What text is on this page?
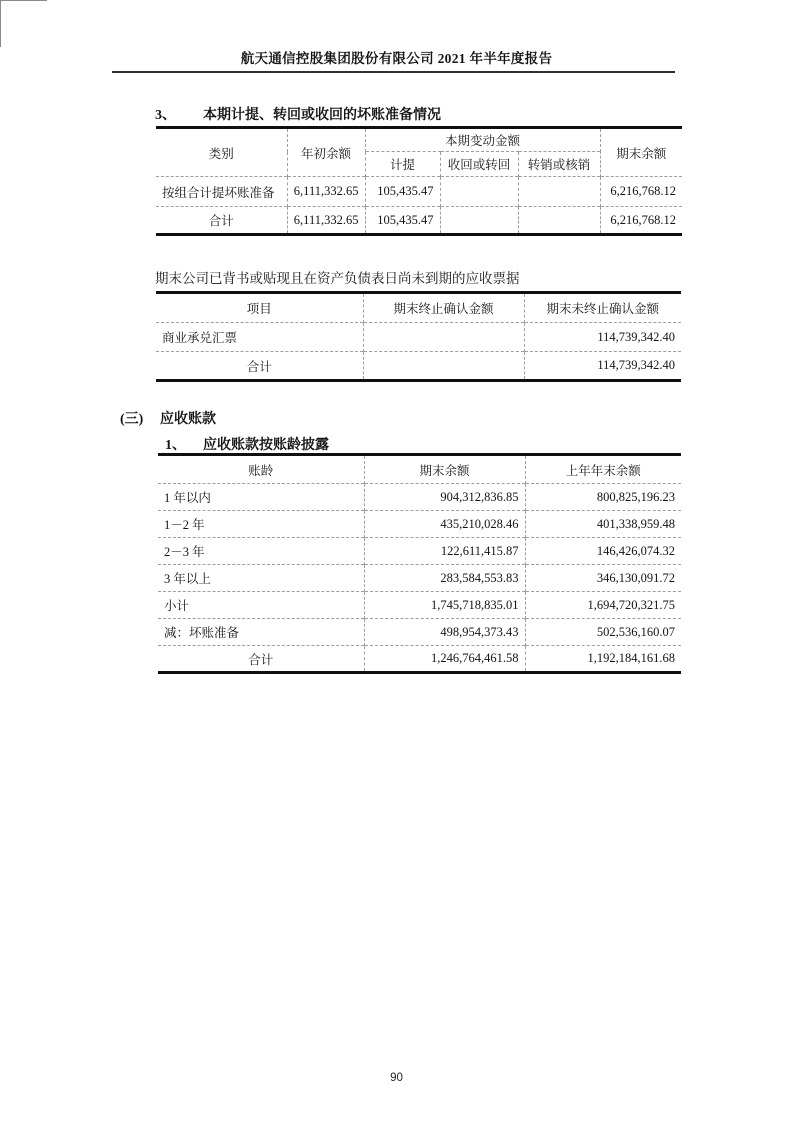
航天通信控股集团股份有限公司 2021 年半年度报告
3、 本期计提、转回或收回的坏账准备情况
类别	年初余额	本期变动金额			期末余额
		计提	收回或转回	转销或核销	
按组合计提坏账准备	6,111,332.65	105,435.47			6,216,768.12
合计	6,111,332.65	105,435.47			6,216,768.12
期末公司已背书或贴现且在资产负债表日尚未到期的应收票据
项目	期末终止确认金额	期末未终止确认金额
商业承兑汇票		114,739,342.40
合计		114,739,342.40
(三) 应收账款
1、 应收账款按账龄披露
账龄	期末余额	上年年末余额
1 年以内	904,312,836.85	800,825,196.23
1－2 年	435,210,028.46	401,338,959.48
2－3 年	122,611,415.87	146,426,074.32
3 年以上	283,584,553.83	346,130,091.72
小计	1,745,718,835.01	1,694,720,321.75
减：坏账准备	498,954,373.43	502,536,160.07
合计	1,246,764,461.58	1,192,184,161.68
90
